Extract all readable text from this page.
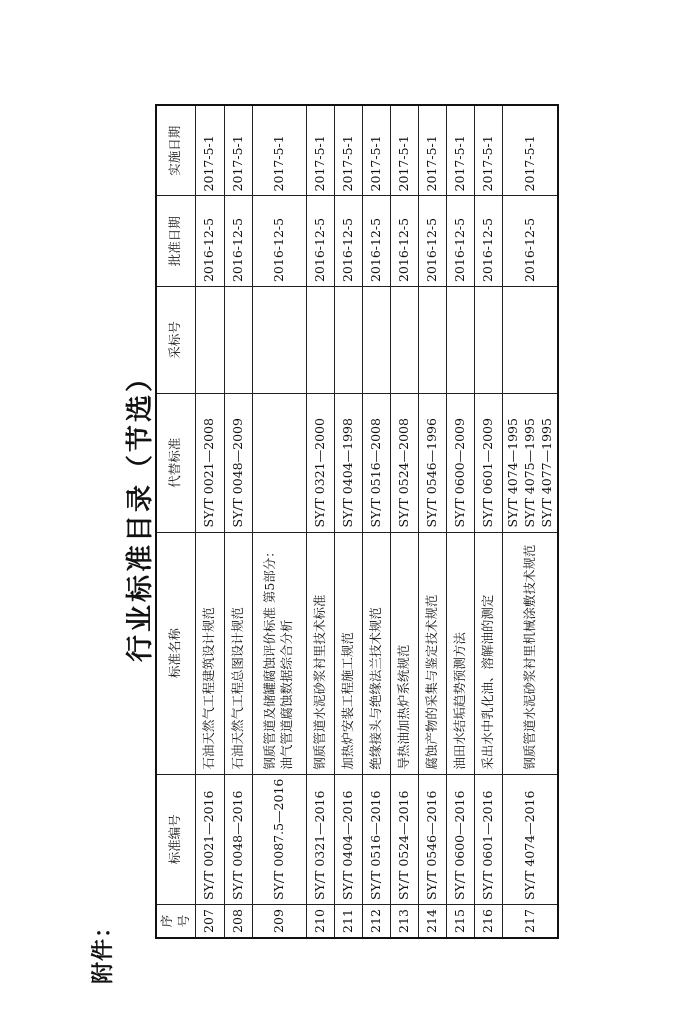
附件：
行业标准目录（节选）
序号	标准编号	标准名称	代替标准	采标号	批准日期	实施日期
207	SY/T 0021—2016	石油天然气工程建筑设计规范	SY/T 0021—2008		2016-12-5	2017-5-1
208	SY/T 0048—2016	石油天然气工程总图设计规范	SY/T 0048—2009		2016-12-5	2017-5-1
209	SY/T 0087.5—2016	钢质管道及储罐腐蚀评价标准 第5部分：油气管道腐蚀数据综合分析			2016-12-5	2017-5-1
210	SY/T 0321—2016	钢质管道水泥砂浆衬里技术标准	SY/T 0321—2000		2016-12-5	2017-5-1
211	SY/T 0404—2016	加热炉安装工程施工规范	SY/T 0404—1998		2016-12-5	2017-5-1
212	SY/T 0516—2016	绝缘接头与绝缘法兰技术规范	SY/T 0516—2008		2016-12-5	2017-5-1
213	SY/T 0524—2016	导热油加热炉系统规范	SY/T 0524—2008		2016-12-5	2017-5-1
214	SY/T 0546—2016	腐蚀产物的采集与鉴定技术规范	SY/T 0546—1996		2016-12-5	2017-5-1
215	SY/T 0600—2016	油田水结垢趋势预测方法	SY/T 0600—2009		2016-12-5	2017-5-1
216	SY/T 0601—2016	采出水中乳化油、溶解油的测定	SY/T 0601—2009		2016-12-5	2017-5-1
217	SY/T 4074—2016	钢质管道水泥砂浆衬里机械涂敷技术规范	SY/T 4074—1995 SY/T 4075—1995 SY/T 4077—1995		2016-12-5	2017-5-1
